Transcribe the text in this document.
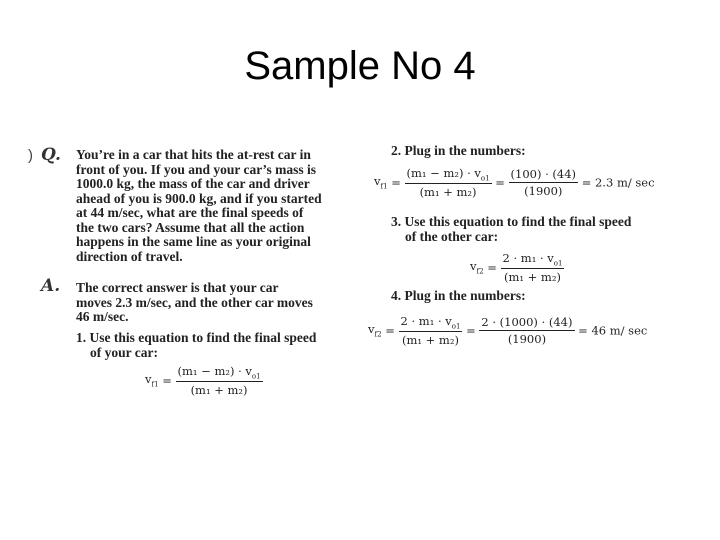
Sample No 4
) Q. You’re in a car that hits the at-rest car in
front of you. If you and your car’s mass is
1000.0 kg, the mass of the car and driver
ahead of you is 900.0 kg, and if you started
at 44 m/sec, what are the final speeds of
the two cars? Assume that all the action
happens in the same line as your original
direction of travel.
A. The correct answer is that your car
moves 2.3 m/sec, and the other car moves
46 m/sec.
1. Use this equation to find the final speed
of your car:
$v_{f1} = \frac{(m_1 - m_2) \cdot v_{o1}}{\text{(m₁ + m₂)}}$
2. Plug in the numbers:
$v_{f1} = \frac{(m_1 - m_2) \cdot v_{o1}}{\text{(m₁ + m₂)}} = \frac{(100) \cdot (44)}{(1900)} = 2.3$ m/ sec
3. Use this equation to find the final speed
of the other car:
$v_{f2} = \frac{2 \cdot m_1 \cdot v_{o1}}{\text{(m₁ + m₂)}}$
4. Plug in the numbers:
$v_{f2} = \frac{2 \cdot m_1 \cdot v_{o1}}{\text{(m₁ + m₂)}} = \frac{2 \cdot (1000) \cdot (44)}{(1900)} = 46$ m/ sec
